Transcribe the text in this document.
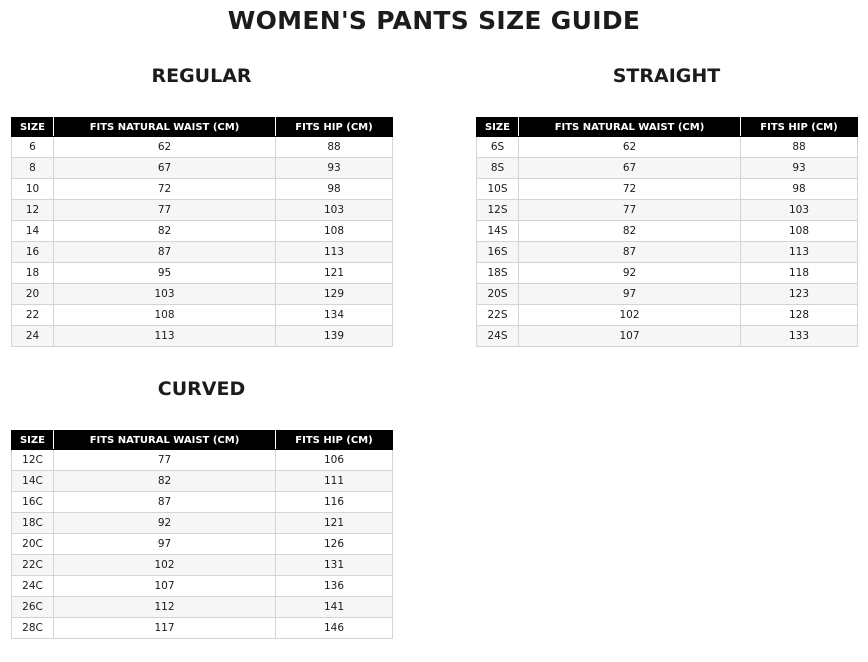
WOMEN'S PANTS SIZE GUIDE
REGULAR
SIZE	FITS NATURAL WAIST (CM)	FITS HIP (CM)
6	62	88
8	67	93
10	72	98
12	77	103
14	82	108
16	87	113
18	95	121
20	103	129
22	108	134
24	113	139
STRAIGHT
SIZE	FITS NATURAL WAIST (CM)	FITS HIP (CM)
6S	62	88
8S	67	93
10S	72	98
12S	77	103
14S	82	108
16S	87	113
18S	92	118
20S	97	123
22S	102	128
24S	107	133
CURVED
SIZE	FITS NATURAL WAIST (CM)	FITS HIP (CM)
12C	77	106
14C	82	111
16C	87	116
18C	92	121
20C	97	126
22C	102	131
24C	107	136
26C	112	141
28C	117	146
